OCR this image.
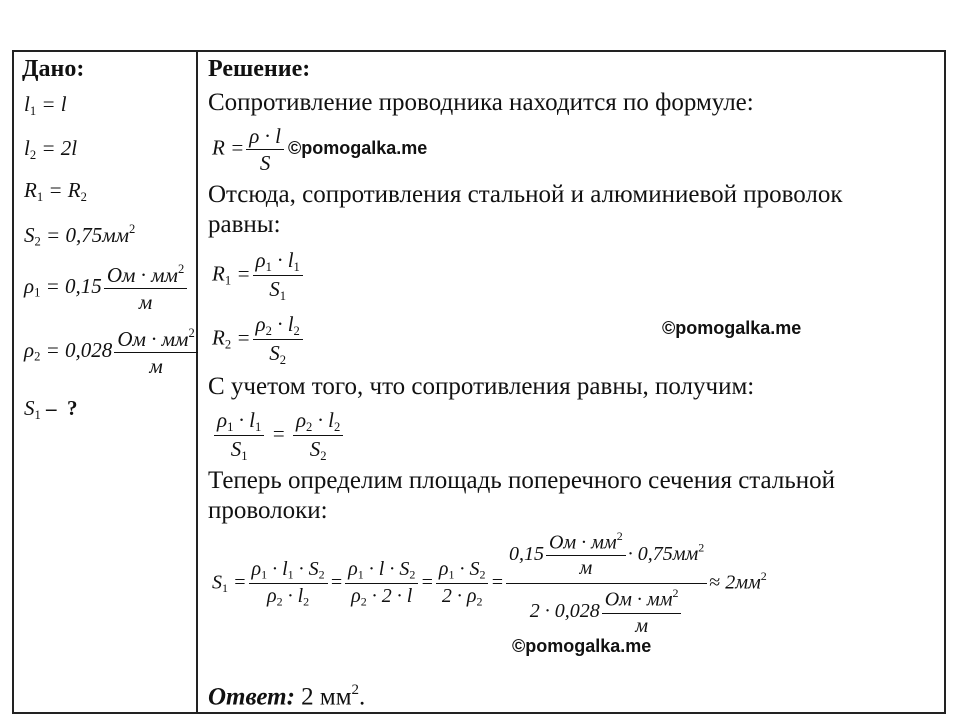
Дано:
$l_1 = l$
$l_2 = 2l$
$R_1 = R_2$
$S_2 = 0,75мм^2$
$\rho_1 = 0,15 \frac{Ом \cdot мм^2}{м}$
$\rho_2 = 0,028 \frac{Ом \cdot мм^2}{м}$
$S_1$ –  ?
Решение:
Сопротивление проводника находится по формуле:
$R = \frac{\rho \cdot l}{S}$ ©pomogalka.me
Отсюда, сопротивления стальной и алюминиевой проволок
равны:
$R_1 = \frac{\rho_1 \cdot l_1}{S_1}$
$R_2 = \frac{\rho_2 \cdot l_2}{S_2}$	©pomogalka.me
С учетом того, что сопротивления равны, получим:
$\frac{\rho_1 \cdot l_1}{S_1} = \frac{\rho_2 \cdot l_2}{S_2}$
Теперь определим площадь поперечного сечения стальной
проволоки:
$S_1 = \frac{\rho_1 \cdot l_1 \cdot S_2}{\rho_2 \cdot l_2} = \frac{\rho_1 \cdot l \cdot S_2}{\rho_2 \cdot 2 \cdot l} = \frac{\rho_1 \cdot S_2}{2 \cdot \rho_2} = \frac{0,15 \frac{Ом \cdot мм^2}{м} \cdot 0,75мм^2}{2 \cdot 0,028 \frac{Ом \cdot мм^2}{м}} \approx 2мм^2$
©pomogalka.me
Ответ: 2 $мм^2$.
